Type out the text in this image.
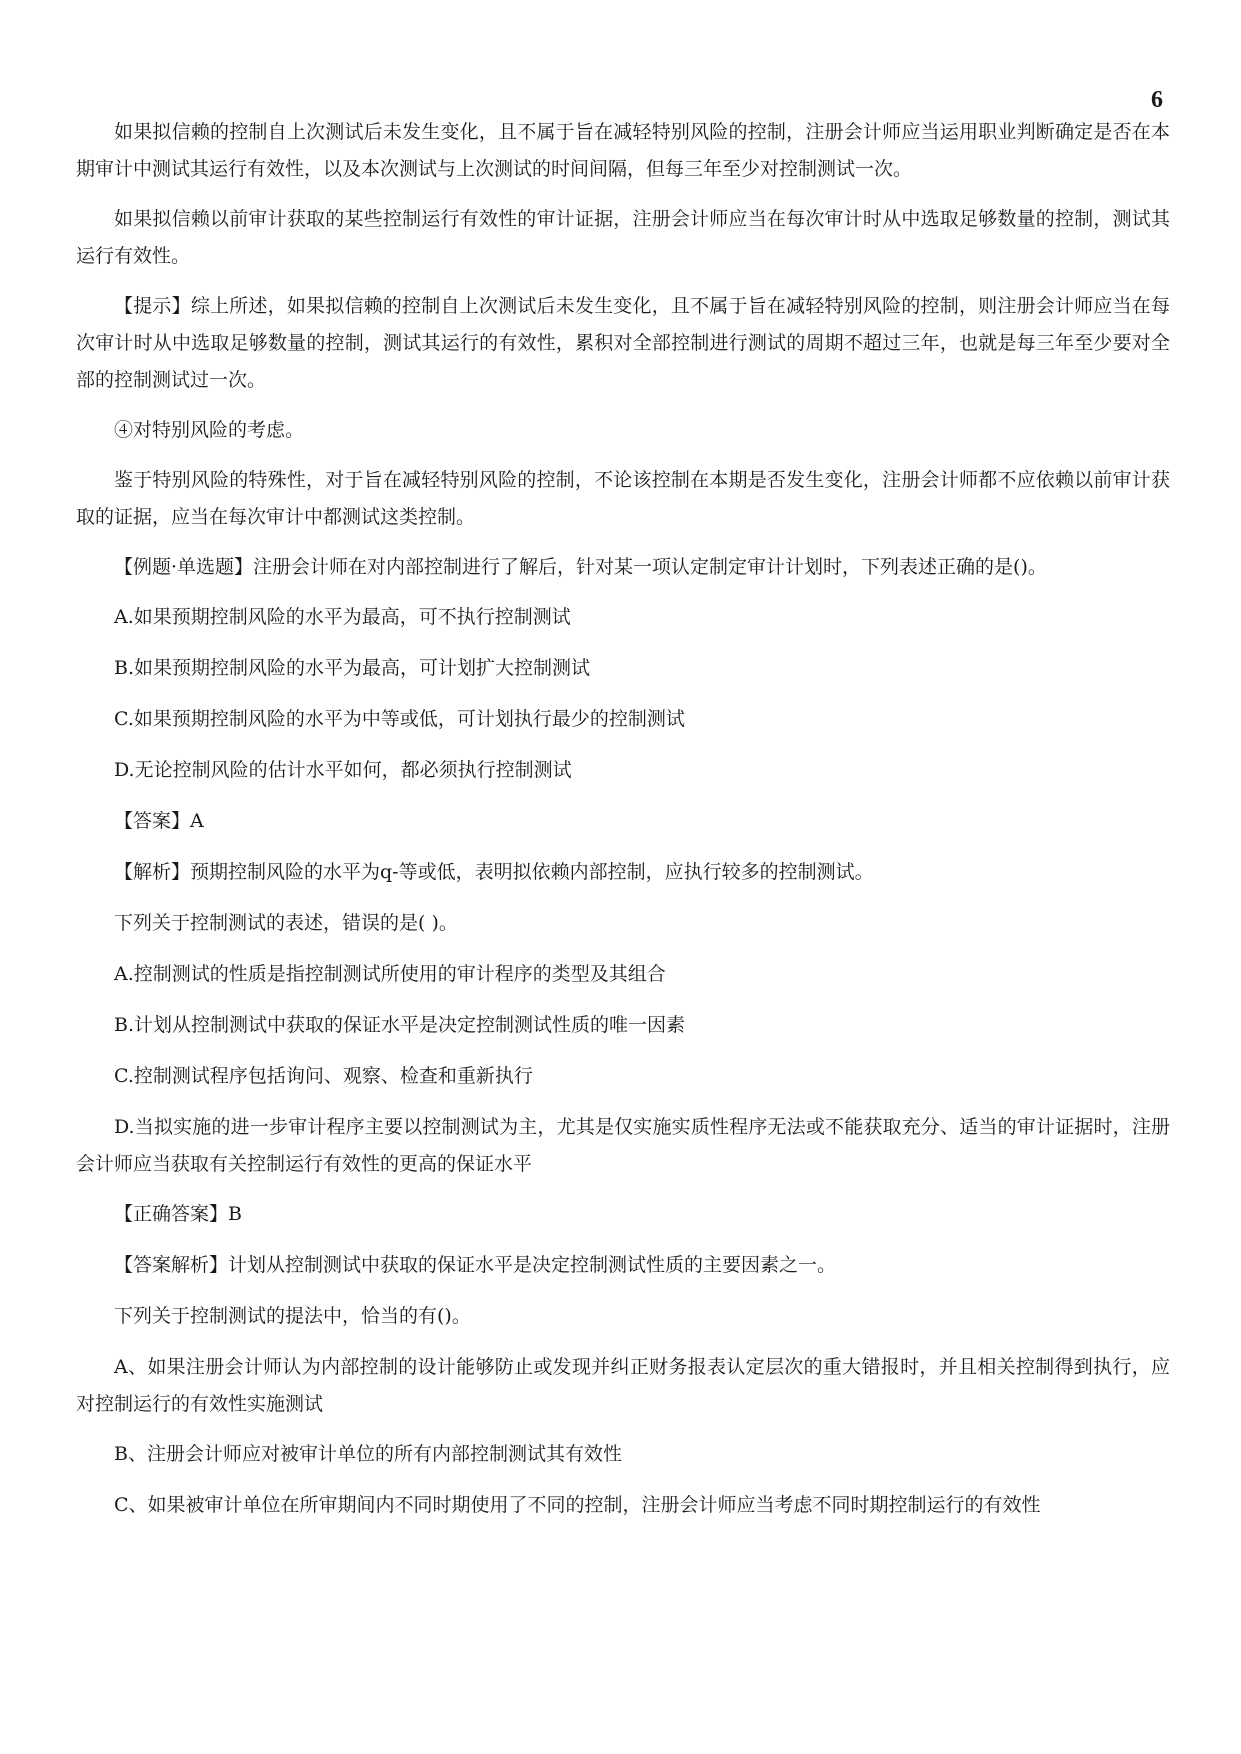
6

如果拟信赖的控制自上次测试后未发生变化，且不属于旨在减轻特别风险的控制，注册会计师应当运用职业判断确定是否在本期审计中测试其运行有效性，以及本次测试与上次测试的时间间隔，但每三年至少对控制测试一次。

如果拟信赖以前审计获取的某些控制运行有效性的审计证据，注册会计师应当在每次审计时从中选取足够数量的控制，测试其运行有效性。

【提示】综上所述，如果拟信赖的控制自上次测试后未发生变化，且不属于旨在减轻特别风险的控制，则注册会计师应当在每次审计时从中选取足够数量的控制，测试其运行的有效性，累积对全部控制进行测试的周期不超过三年，也就是每三年至少要对全部的控制测试过一次。

④对特别风险的考虑。

鉴于特别风险的特殊性，对于旨在减轻特别风险的控制，不论该控制在本期是否发生变化，注册会计师都不应依赖以前审计获取的证据，应当在每次审计中都测试这类控制。

【例题·单选题】注册会计师在对内部控制进行了解后，针对某一项认定制定审计计划时，下列表述正确的是()。

A.如果预期控制风险的水平为最高，可不执行控制测试

B.如果预期控制风险的水平为最高，可计划扩大控制测试

C.如果预期控制风险的水平为中等或低，可计划执行最少的控制测试

D.无论控制风险的估计水平如何，都必须执行控制测试

【答案】A

【解析】预期控制风险的水平为q-等或低，表明拟依赖内部控制，应执行较多的控制测试。

下列关于控制测试的表述，错误的是( )。

A.控制测试的性质是指控制测试所使用的审计程序的类型及其组合

B.计划从控制测试中获取的保证水平是决定控制测试性质的唯一因素

C.控制测试程序包括询问、观察、检查和重新执行

D.当拟实施的进一步审计程序主要以控制测试为主，尤其是仅实施实质性程序无法或不能获取充分、适当的审计证据时，注册会计师应当获取有关控制运行有效性的更高的保证水平

【正确答案】B

【答案解析】计划从控制测试中获取的保证水平是决定控制测试性质的主要因素之一。

下列关于控制测试的提法中，恰当的有()。

A、如果注册会计师认为内部控制的设计能够防止或发现并纠正财务报表认定层次的重大错报时，并且相关控制得到执行，应对控制运行的有效性实施测试

B、注册会计师应对被审计单位的所有内部控制测试其有效性

C、如果被审计单位在所审期间内不同时期使用了不同的控制，注册会计师应当考虑不同时期控制运行的有效性
